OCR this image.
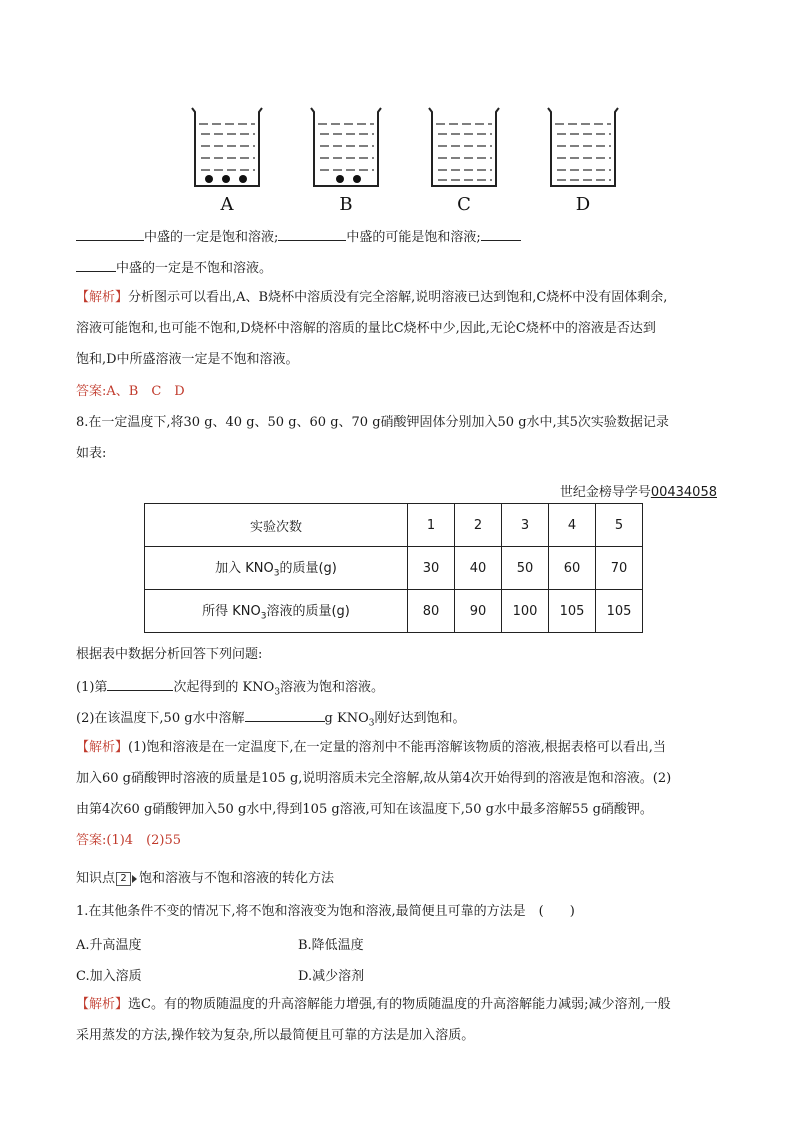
A	B	C	D
中盛的一定是饱和溶液;	中盛的可能是饱和溶液;
中盛的一定是不饱和溶液。
【解析】分析图示可以看出,A、B烧杯中溶质没有完全溶解,说明溶液已达到饱和,C烧杯中没有固体剩余,
溶液可能饱和,也可能不饱和,D烧杯中溶解的溶质的量比C烧杯中少,因此,无论C烧杯中的溶液是否达到
饱和,D中所盛溶液一定是不饱和溶液。
答案:A、B　C　D
8.在一定温度下,将30 g、40 g、50 g、60 g、70 g硝酸钾固体分别加入50 g水中,其5次实验数据记录
如表:
世纪金榜导学号00434058
实验次数	1	2	3	4	5
加入 $KNO_3$的质量(g)	30	40	50	60	70
所得 $KNO_3$溶液的质量(g)	80	90	100	105	105
根据表中数据分析回答下列问题:
(1)第	次起得到的 $KNO_3$溶液为饱和溶液。
(2)在该温度下,50 g水中溶解	g $KNO_3$刚好达到饱和。
【解析】(1)饱和溶液是在一定温度下,在一定量的溶剂中不能再溶解该物质的溶液,根据表格可以看出,当
加入60 g硝酸钾时溶液的质量是105 g,说明溶质未完全溶解,故从第4次开始得到的溶液是饱和溶液。(2)
由第4次60 g硝酸钾加入50 g水中,得到105 g溶液,可知在该温度下,50 g水中最多溶解55 g硝酸钾。
答案:(1)4　(2)55
知识点 2 饱和溶液与不饱和溶液的转化方法
1.在其他条件不变的情况下,将不饱和溶液变为饱和溶液,最简便且可靠的方法是　(　　)
A.升高温度	B.降低温度
C.加入溶质	D.减少溶剂
【解析】选C。有的物质随温度的升高溶解能力增强,有的物质随温度的升高溶解能力减弱;减少溶剂,一般
采用蒸发的方法,操作较为复杂,所以最简便且可靠的方法是加入溶质。
